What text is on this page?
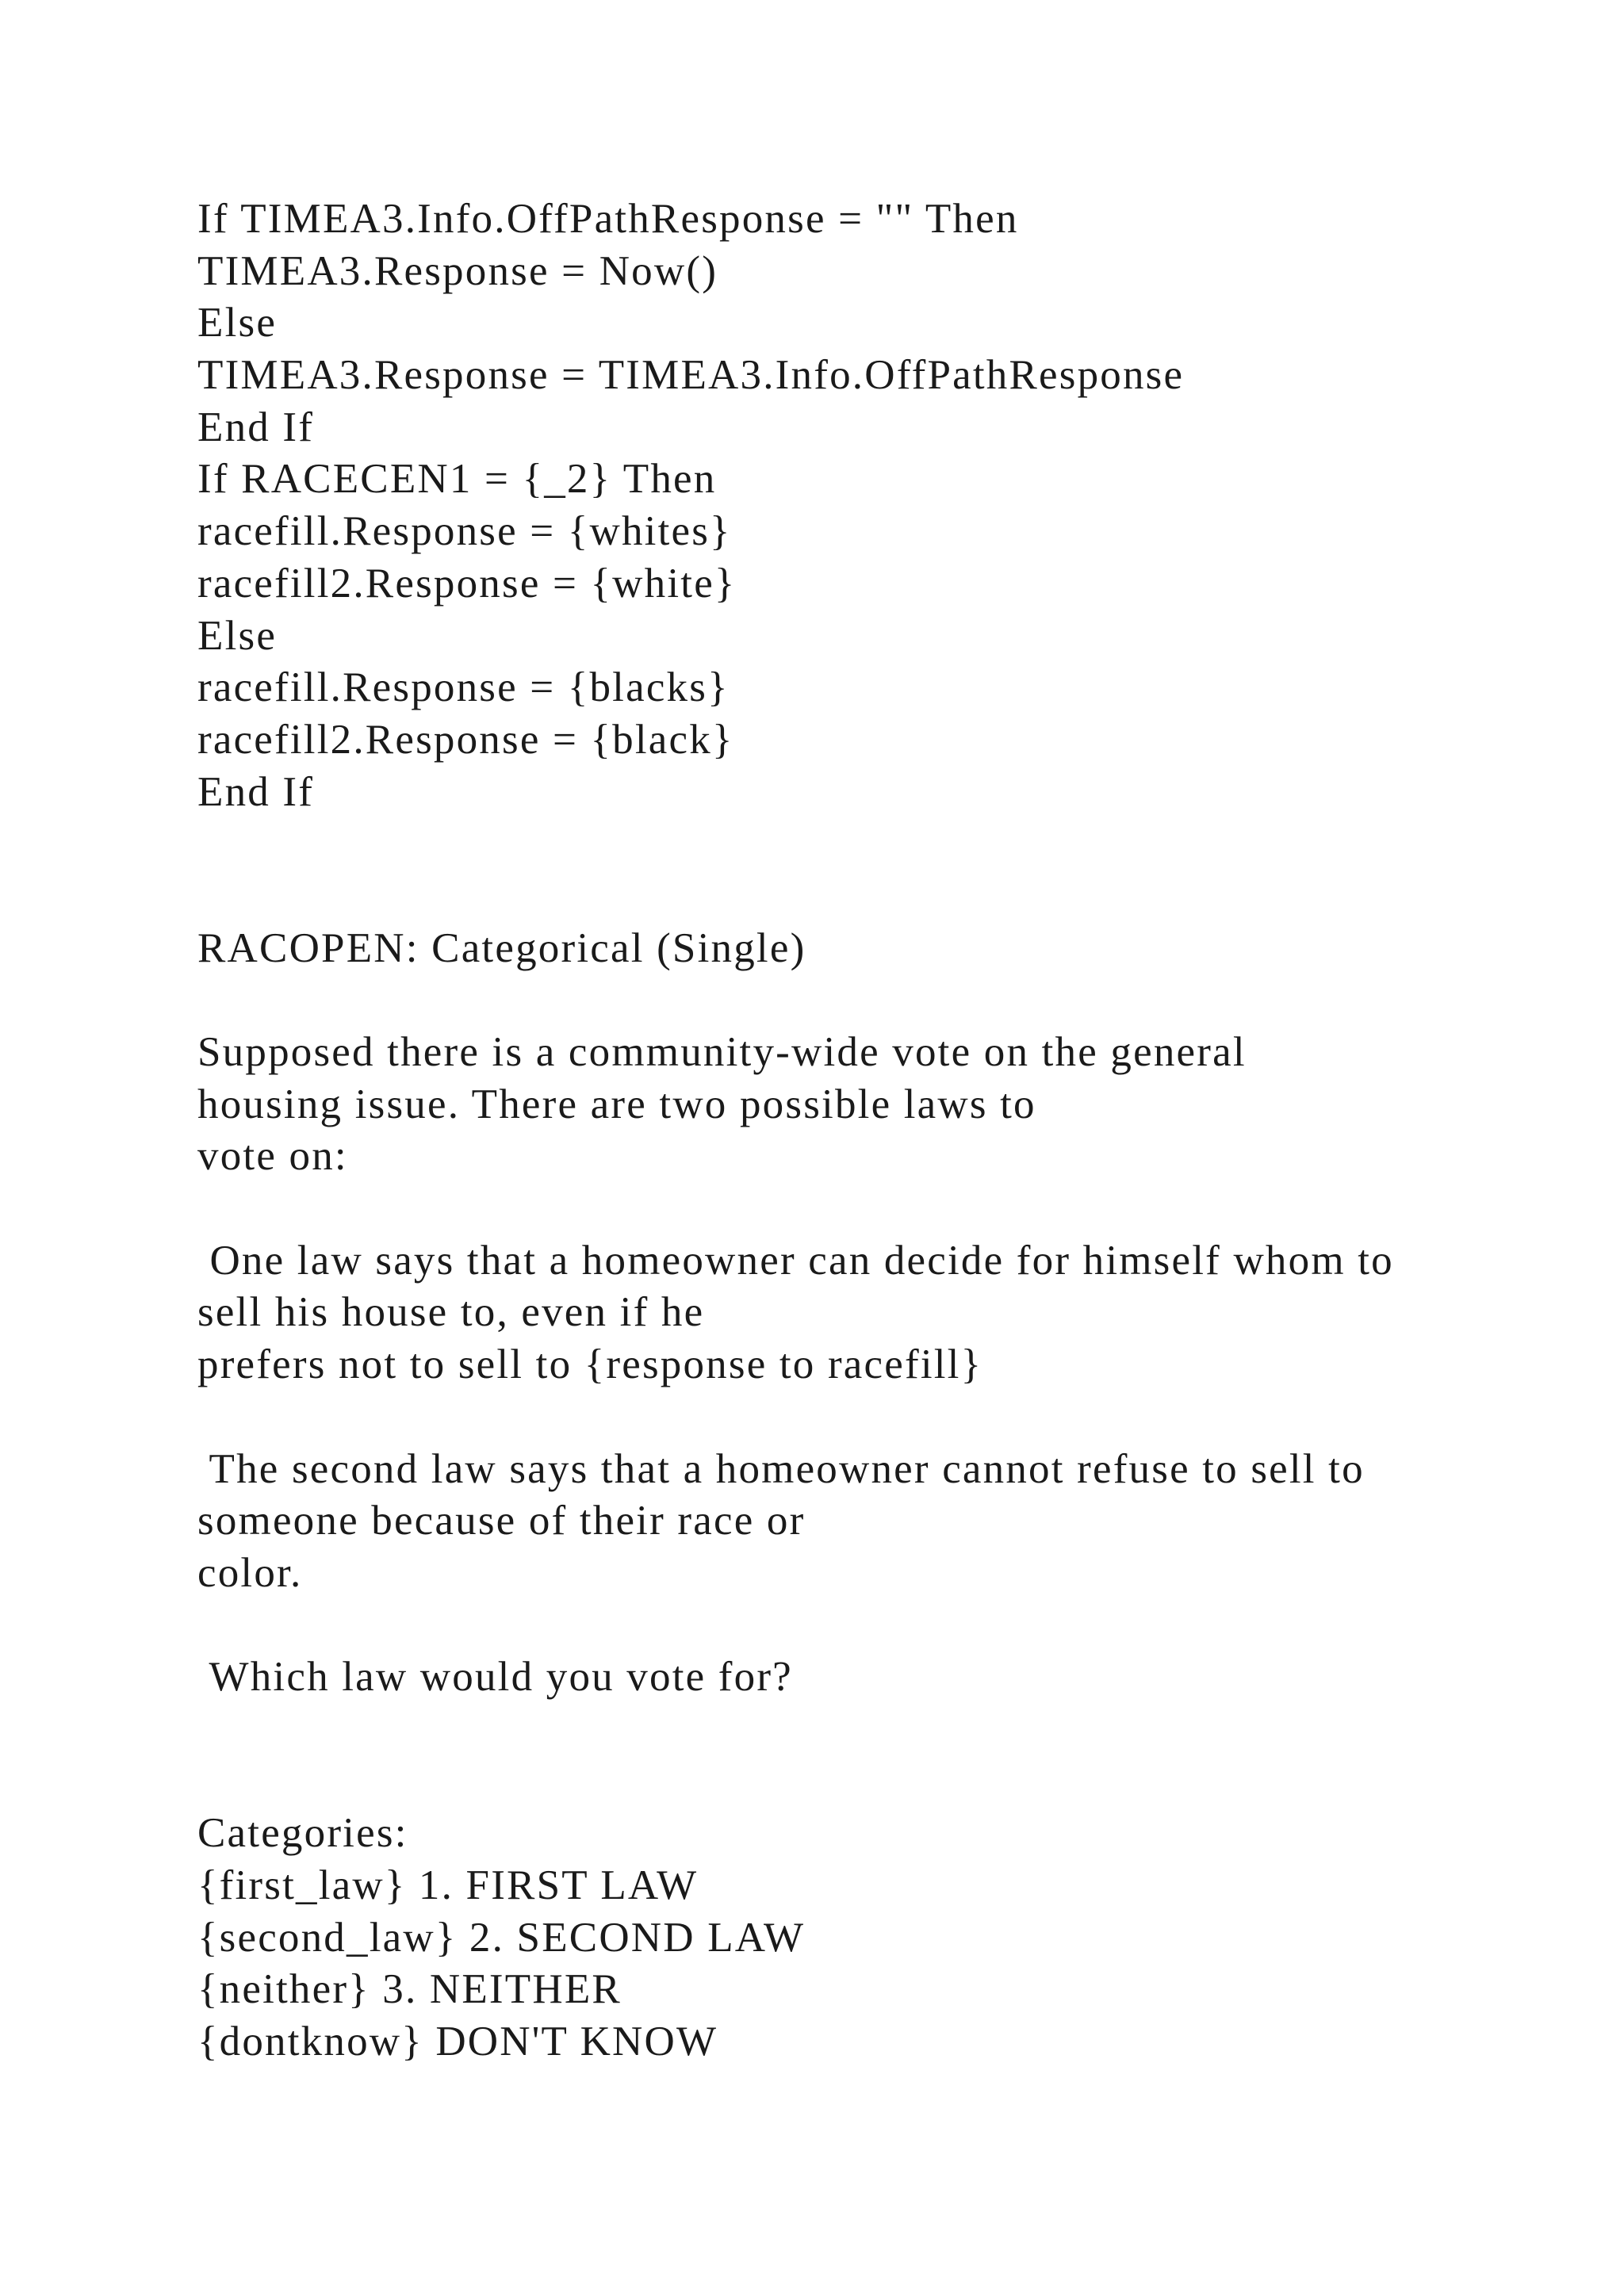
If TIMEA3.Info.OffPathResponse = "" Then
TIMEA3.Response = Now()
Else
TIMEA3.Response = TIMEA3.Info.OffPathResponse
End If
If RACECEN1 = {_2} Then
racefill.Response = {whites}
racefill2.Response = {white}
Else
racefill.Response = {blacks}
racefill2.Response = {black}
End If
RACOPEN: Categorical (Single)
Supposed there is a community-wide vote on the general
housing issue. There are two possible laws to
vote on:
One law says that a homeowner can decide for himself whom to
sell his house to, even if he
prefers not to sell to {response to racefill}
The second law says that a homeowner cannot refuse to sell to
someone because of their race or
color.
Which law would you vote for?
Categories:
{first_law} 1. FIRST LAW
{second_law} 2. SECOND LAW
{neither} 3. NEITHER
{dontknow} DON'T KNOW
